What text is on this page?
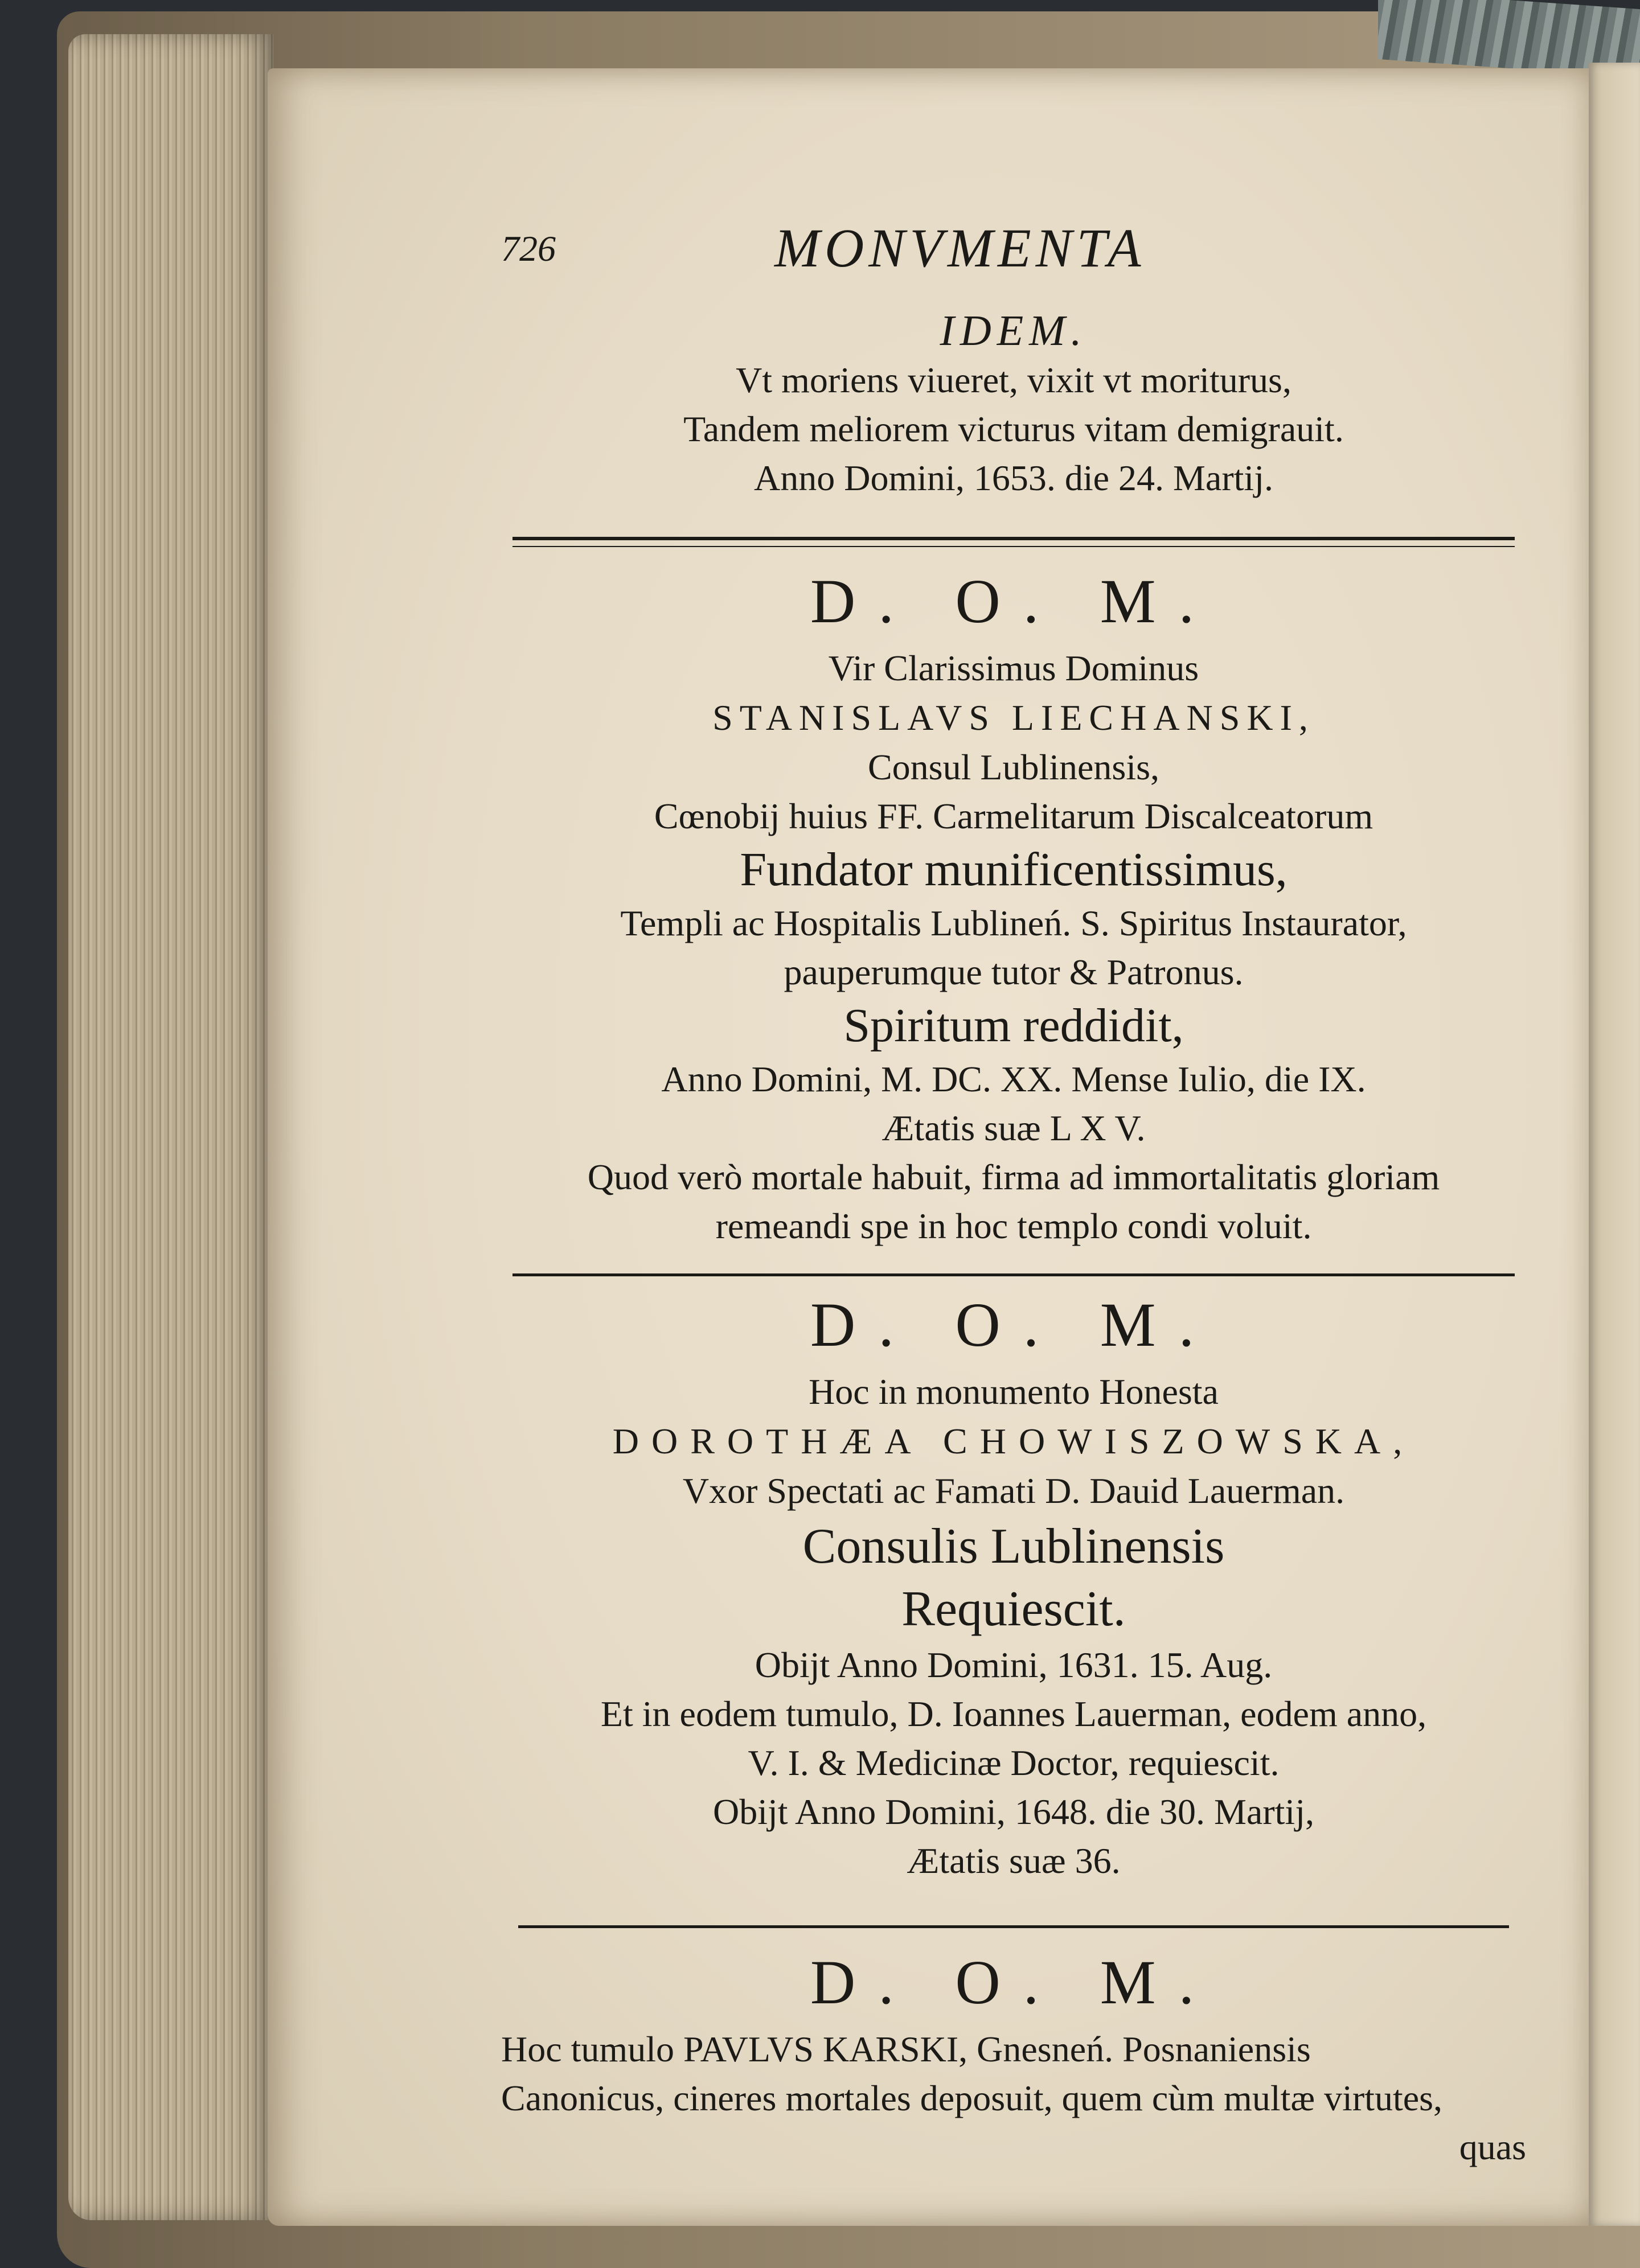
726	MONVMENTA
IDEM.
Vt moriens viueret, vixit vt moriturus,
Tandem meliorem victurus vitam demigrauit.
Anno Domini, 1653. die 24. Martij.
D. O. M.
Vir Clarissimus Dominus
STANISLAVS LIECHANSKI,
Consul Lublinensis,
Cœnobij huius FF. Carmelitarum Discalceatorum
Fundator munificentissimus,
Templi ac Hospitalis Lublineń. S. Spiritus Instaurator,
pauperumque tutor & Patronus.
Spiritum reddidit,
Anno Domini, M. DC. XX. Mense Iulio, die IX.
Ætatis suæ L X V.
Quod verò mortale habuit, firma ad immortalitatis gloriam
remeandi spe in hoc templo condi voluit.
D. O. M.
Hoc in monumento Honesta
DOROTHÆA CHOWISZOWSKA,
Vxor Spectati ac Famati D. Dauid Lauerman.
Consulis Lublinensis
Requiescit.
Obijt Anno Domini, 1631. 15. Aug.
Et in eodem tumulo, D. Ioannes Lauerman, eodem anno,
V. I. & Medicinæ Doctor, requiescit.
Obijt Anno Domini, 1648. die 30. Martij,
Ætatis suæ 36.
D. O. M.
Hoc tumulo PAVLVS KARSKI, Gnesneń. Posnaniensis
Canonicus, cineres mortales deposuit, quem cùm multæ virtutes,
quas
